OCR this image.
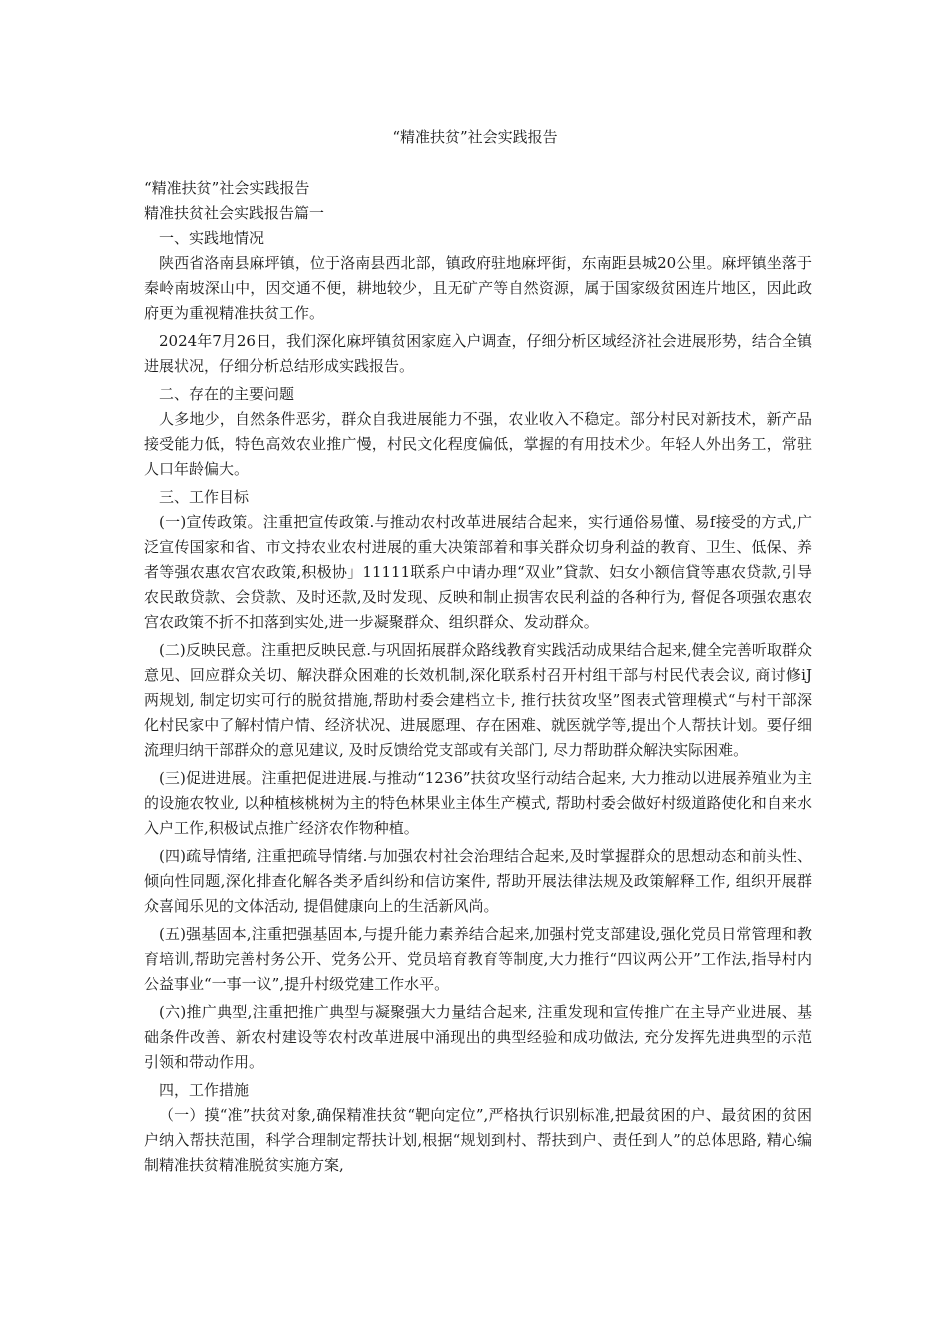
“精准扶贫”社会实践报告

“精准扶贫”社会实践报告

精准扶贫社会实践报告篇一

一、实践地情况

陕西省洛南县麻坪镇，位于洛南县西北部，镇政府驻地麻坪街，东南距县城20公里。麻坪镇坐落于秦岭南坡深山中，因交通不便，耕地较少，且无矿产等自然资源，属于国家级贫困连片地区，因此政府更为重视精准扶贫工作。

2024年7月26日，我们深化麻坪镇贫困家庭入户调查，仔细分析区域经济社会进展形势，结合全镇进展状况，仔细分析总结形成实践报告。

二、存在的主要问题

人多地少，自然条件恶劣，群众自我进展能力不强，农业收入不稳定。部分村民对新技术，新产品接受能力低，特色高效农业推广慢，村民文化程度偏低，掌握的有用技术少。年轻人外出务工，常驻人口年龄偏大。

三、工作目标

(一)宣传政策。注重把宣传政策.与推动农村改革进展结合起来，实行通俗易懂、易f接受的方式,广泛宣传国家和省、市文持农业农村进展的重大决策部着和事关群众切身利益的教育、卫生、低保、养者等强农惠农宫农政策,积极协」11111联系户中请办理“双业”貸款、妇女小额信貸等惠农贷款,引导农民敢贷款、会贷款、及时还款,及时发现、反映和制止损害农民利益的各种行为, 督促各项强农惠农宫农政策不折不扣落到实处,进一步凝聚群众、组织群众、发动群众。

(二)反映民意。注重把反映民意.与巩固拓展群众路线教育实践活动成果结合起来,健全完善听取群众意见、回应群众关切、解決群众困难的长效机制,深化联系村召开村组干部与村民代表会议, 商讨修iJ两规划, 制定切实可行的脱贫措施,帮助村委会建档立卡, 推行扶贫攻坚”图表式管理模式“与村干部深化村民家中了解村情户情、经济状况、进展愿理、存在困难、就医就学等,提出个人帮扶计划。要仔细流理归纳干部群众的意见建议, 及时反馈给党支部或有关部门, 尽力帮助群众解決实际困难。

(三)促进进展。注重把促进进展.与推动“1236”扶贫攻坚行动结合起来, 大力推动以进展养殖业为主的设施农牧业, 以种植核桃树为主的特色林果业主体生产模式, 帮助村委会做好村级道路使化和自来水入户工作,积极试点推广经济农作物种植。

(四)疏导情绪, 注重把疏导情绪.与加强农村社会治理结合起来,及时掌握群众的思想动态和前头性、倾向性同题,深化排查化解各类矛盾纠纷和信访案件, 帮助开展法律法规及政策解释工作, 组织开展群众喜闻乐见的文体活动, 提倡健康向上的生活新风尚。

(五)强基固本,注重把强基固本,与提升能力素养结合起来,加强村党支部建设,强化党员日常管理和教育培训,帮助完善村务公开、党务公开、党员培育教育等制度,大力推行“四议两公开”工作法,指导村内公益事业“一事一议”,提升村级党建工作水平。

(六)推广典型,注重把推广典型与凝聚强大力量结合起来, 注重发现和宣传推广在主导产业进展、基础条件改善、新农村建设等农村改革进展中涌现出的典型经验和成功做法, 充分发挥先进典型的示范引领和带动作用。

四，工作措施

（一）摸“准”扶贫对象,确保精准扶贫“靶向定位”,严格执行识别标准,把最贫困的户、最贫困的贫困户纳入帮扶范围，科学合理制定帮扶计划,根据“规划到村、帮扶到户、责任到人”的总体思路, 精心编制精准扶贫精准脱贫实施方案,
